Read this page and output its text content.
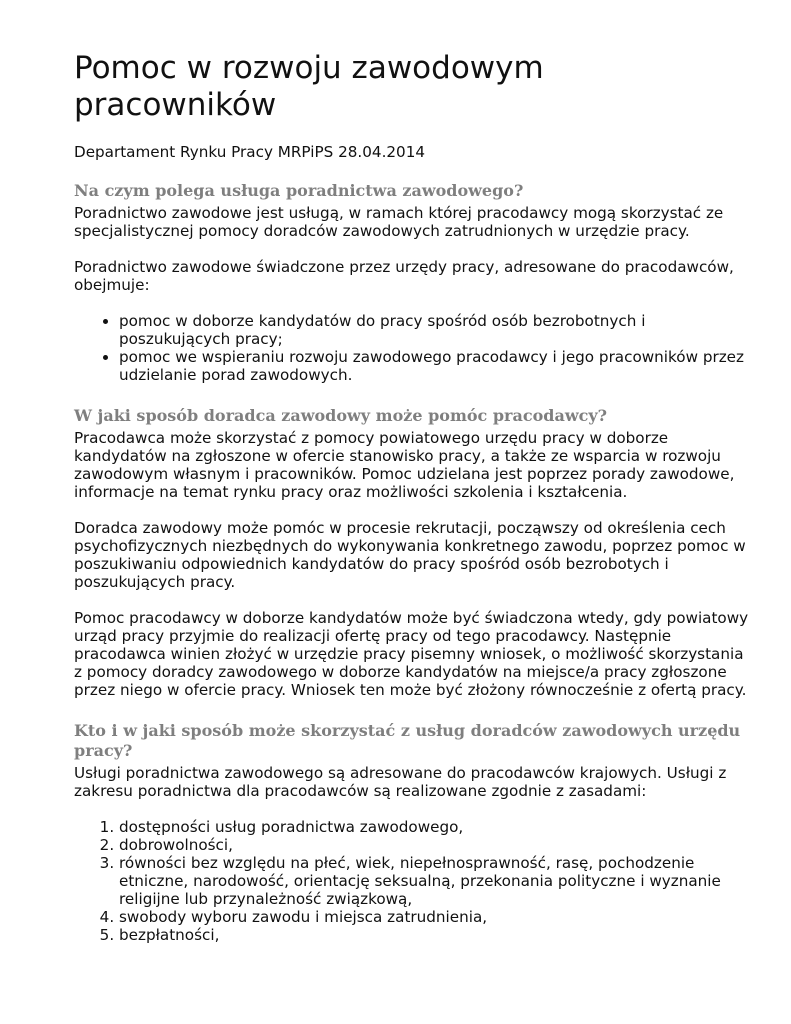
Pomoc w rozwoju zawodowym pracowników
Departament Rynku Pracy MRPiPS 28.04.2014
Na czym polega usługa poradnictwa zawodowego?

Poradnictwo zawodowe jest usługą, w ramach której pracodawcy mogą skorzystać ze specjalistycznej pomocy doradców zawodowych zatrudnionych w urzędzie pracy.

Poradnictwo zawodowe świadczone przez urzędy pracy, adresowane do pracodawców, obejmuje:

• pomoc w doborze kandydatów do pracy spośród osób bezrobotnych i poszukujących pracy;
• pomoc we wspieraniu rozwoju zawodowego pracodawcy i jego pracowników przez udzielanie porad zawodowych.
W jaki sposób doradca zawodowy może pomóc pracodawcy?

Pracodawca może skorzystać z pomocy powiatowego urzędu pracy w doborze kandydatów na zgłoszone w ofercie stanowisko pracy, a także ze wsparcia w rozwoju zawodowym własnym i pracowników. Pomoc udzielana jest poprzez porady zawodowe, informacje na temat rynku pracy oraz możliwości szkolenia i kształcenia.

Doradca zawodowy może pomóc w procesie rekrutacji, począwszy od określenia cech psychofizycznych niezbędnych do wykonywania konkretnego zawodu, poprzez pomoc w poszukiwaniu odpowiednich kandydatów do pracy spośród osób bezrobotych i poszukujących pracy.

Pomoc pracodawcy w doborze kandydatów może być świadczona wtedy, gdy powiatowy urząd pracy przyjmie do realizacji ofertę pracy od tego pracodawcy. Następnie pracodawca winien złożyć w urzędzie pracy pisemny wniosek, o możliwość skorzystania z pomocy doradcy zawodowego w doborze kandydatów na miejsce/a pracy zgłoszone przez niego w ofercie pracy. Wniosek ten może być złożony równocześnie z ofertą pracy.

Kto i w jaki sposób może skorzystać z usług doradców zawodowych urzędu pracy?

Usługi poradnictwa zawodowego są adresowane do pracodawców krajowych. Usługi z zakresu poradnictwa dla pracodawców są realizowane zgodnie z zasadami:

1. dostępności usług poradnictwa zawodowego,
2. dobrowolności,
3. równości bez względu na płeć, wiek, niepełnosprawność, rasę, pochodzenie etniczne, narodowość, orientację seksualną, przekonania polityczne i wyznanie religijne lub przynależność związkową,
4. swobody wyboru zawodu i miejsca zatrudnienia,
5. bezpłatności,
